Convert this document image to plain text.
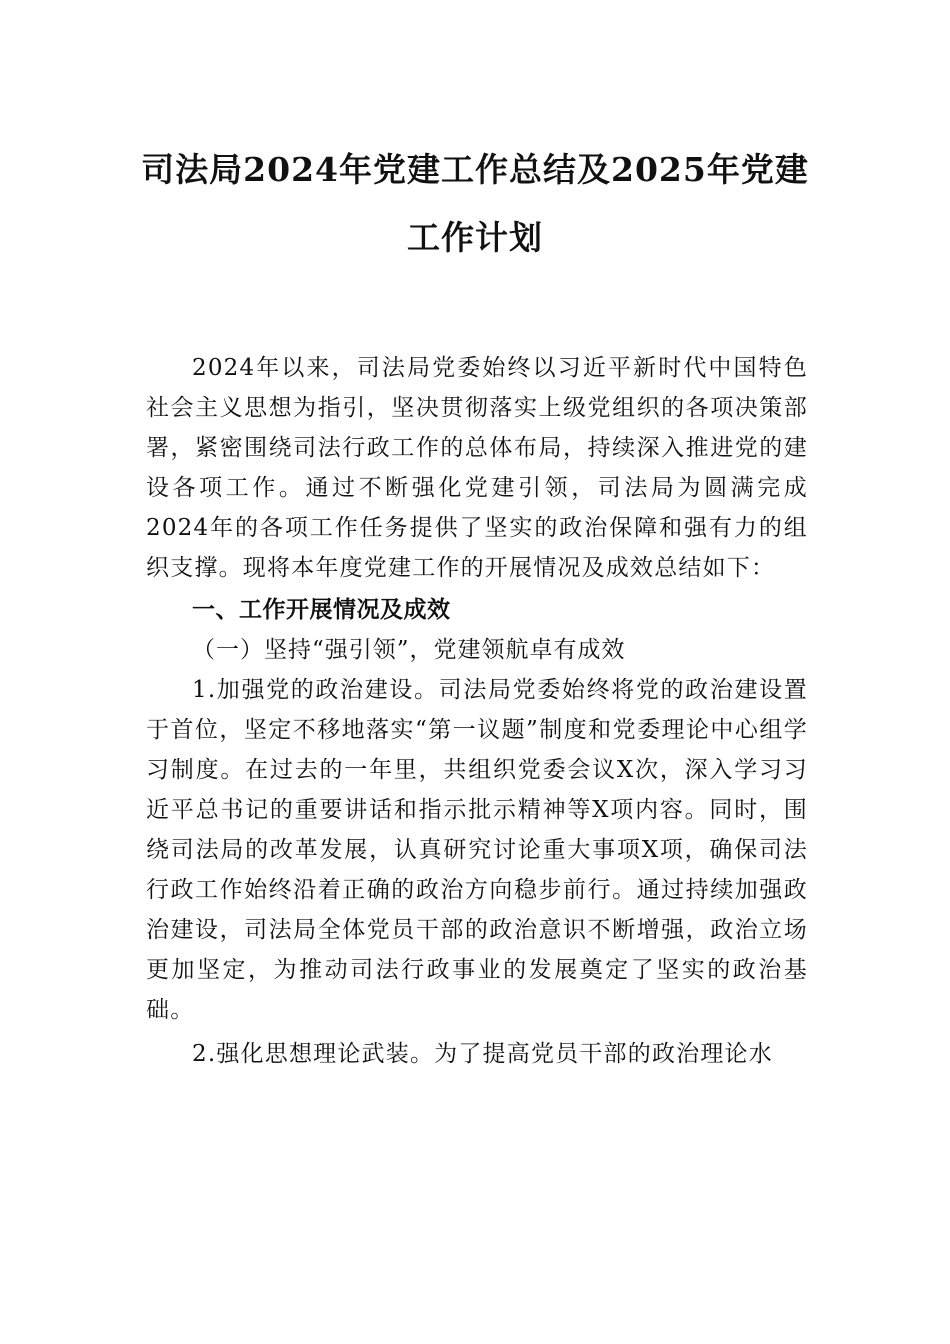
司法局2024年党建工作总结及2025年党建
工作计划

2024年以来，司法局党委始终以习近平新时代中国特色社会主义思想为指引，坚决贯彻落实上级党组织的各项决策部署，紧密围绕司法行政工作的总体布局，持续深入推进党的建设各项工作。通过不断强化党建引领，司法局为圆满完成2024年的各项工作任务提供了坚实的政治保障和强有力的组织支撑。现将本年度党建工作的开展情况及成效总结如下：

一、工作开展情况及成效

（一）坚持“强引领”，党建领航卓有成效

1.加强党的政治建设。司法局党委始终将党的政治建设置于首位，坚定不移地落实“第一议题”制度和党委理论中心组学习制度。在过去的一年里，共组织党委会议X次，深入学习习近平总书记的重要讲话和指示批示精神等X项内容。同时，围绕司法局的改革发展，认真研究讨论重大事项X项，确保司法行政工作始终沿着正确的政治方向稳步前行。通过持续加强政治建设，司法局全体党员干部的政治意识不断增强，政治立场更加坚定，为推动司法行政事业的发展奠定了坚实的政治基础。

2.强化思想理论武装。为了提高党员干部的政治理论水
